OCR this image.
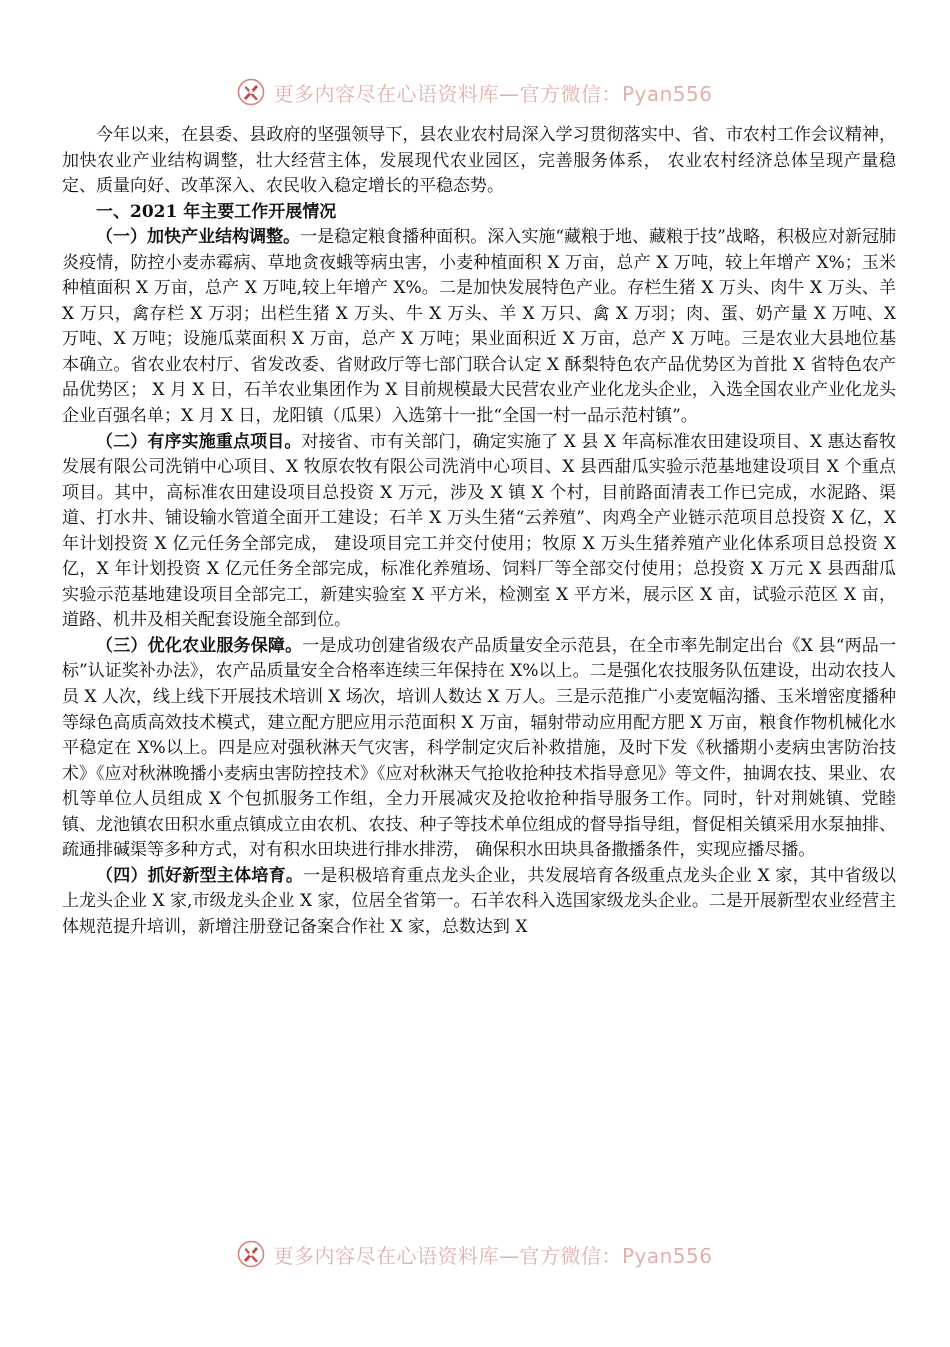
更多内容尽在心语资料库—官方微信：Pyan556

今年以来，在县委、县政府的坚强领导下，县农业农村局深入学习贯彻落实中、省、市农村工作会议精神，加快农业产业结构调整，壮大经营主体，发展现代农业园区，完善服务体系， 农业农村经济总体呈现产量稳定、质量向好、改革深入、农民收入稳定增长的平稳态势。

一、2021 年主要工作开展情况

（一）加快产业结构调整。一是稳定粮食播种面积。深入实施“藏粮于地、藏粮于技”战略，积极应对新冠肺炎疫情，防控小麦赤霉病、草地贪夜蛾等病虫害，小麦种植面积 X 万亩，总产 X 万吨，较上年增产 X%；玉米种植面积 X 万亩，总产 X 万吨,较上年增产 X%。二是加快发展特色产业。存栏生猪 X 万头、肉牛 X 万头、羊 X 万只，禽存栏 X 万羽；出栏生猪 X 万头、牛 X 万头、羊 X 万只、禽 X 万羽；肉、蛋、奶产量 X 万吨、X 万吨、X 万吨；设施瓜菜面积 X 万亩，总产 X 万吨；果业面积近 X 万亩，总产 X 万吨。三是农业大县地位基本确立。省农业农村厅、省发改委、省财政厅等七部门联合认定 X 酥梨特色农产品优势区为首批 X 省特色农产品优势区； X 月 X 日，石羊农业集团作为 X 目前规模最大民营农业产业化龙头企业，入选全国农业产业化龙头企业百强名单；X 月 X 日，龙阳镇（瓜果）入选第十一批“全国一村一品示范村镇”。

（二）有序实施重点项目。对接省、市有关部门，确定实施了 X 县 X 年高标准农田建设项目、X 惠达畜牧发展有限公司洗销中心项目、X 牧原农牧有限公司洗消中心项目、X 县西甜瓜实验示范基地建设项目 X 个重点项目。其中，高标准农田建设项目总投资 X 万元，涉及 X 镇 X 个村，目前路面清表工作已完成，水泥路、渠道、打水井、铺设输水管道全面开工建设；石羊 X 万头生猪“云养殖”、肉鸡全产业链示范项目总投资 X 亿，X 年计划投资 X 亿元任务全部完成， 建设项目完工并交付使用；牧原 X 万头生猪养殖产业化体系项目总投资 X 亿，X 年计划投资 X 亿元任务全部完成，标准化养殖场、饲料厂等全部交付使用；总投资 X 万元 X 县西甜瓜实验示范基地建设项目全部完工，新建实验室 X 平方米，检测室 X 平方米，展示区 X 亩，试验示范区 X 亩，道路、机井及相关配套设施全部到位。

（三）优化农业服务保障。一是成功创建省级农产品质量安全示范县，在全市率先制定出台《X 县“两品一标”认证奖补办法》，农产品质量安全合格率连续三年保持在 X%以上。二是强化农技服务队伍建设，出动农技人员 X 人次，线上线下开展技术培训 X 场次，培训人数达 X 万人。三是示范推广小麦宽幅沟播、玉米增密度播种等绿色高质高效技术模式，建立配方肥应用示范面积 X 万亩，辐射带动应用配方肥 X 万亩，粮食作物机械化水平稳定在 X%以上。四是应对强秋淋天气灾害，科学制定灾后补救措施，及时下发《秋播期小麦病虫害防治技术》《应对秋淋晚播小麦病虫害防控技术》《应对秋淋天气抢收抢种技术指导意见》等文件，抽调农技、果业、农机等单位人员组成 X 个包抓服务工作组，全力开展减灾及抢收抢种指导服务工作。同时，针对荆姚镇、党睦镇、龙池镇农田积水重点镇成立由农机、农技、种子等技术单位组成的督导指导组，督促相关镇采用水泵抽排、疏通排碱渠等多种方式，对有积水田块进行排水排涝， 确保积水田块具备撒播条件，实现应播尽播。

（四）抓好新型主体培育。一是积极培育重点龙头企业，共发展培育各级重点龙头企业 X 家，其中省级以上龙头企业 X 家,市级龙头企业 X 家，位居全省第一。石羊农科入选国家级龙头企业。二是开展新型农业经营主体规范提升培训，新增注册登记备案合作社 X 家，总数达到 X

更多内容尽在心语资料库—官方微信：Pyan556
